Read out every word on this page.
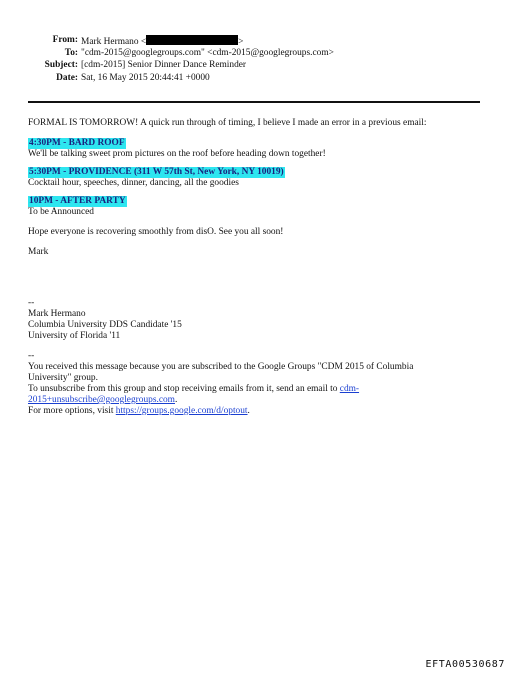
From: Mark Hermano <	>
To: "cdm-2015@googlegroups.com" <cdm-2015@googlegroups.com>
Subject: [cdm-2015] Senior Dinner Dance Reminder
Date: Sat, 16 May 2015 20:44:41 +0000

FORMAL IS TOMORROW! A quick run through of timing, I believe I made an error in a previous email:

4:30PM - BARD ROOF

We'll be talking sweet prom pictures on the roof before heading down together!

5:30PM - PROVIDENCE (311 W 57th St, New York, NY 10019)

Cocktail hour, speeches, dinner, dancing, all the goodies

10PM - AFTER PARTY

To be Announced

Hope everyone is recovering smoothly from disO. See you all soon!

Mark

--

Mark Hermano

Columbia University DDS Candidate '15

University of Florida '11

--

You received this message because you are subscribed to the Google Groups "CDM 2015 of Columbia

University" group.

To unsubscribe from this group and stop receiving emails from it, send an email to cdm-

2015+unsubscribe@googlegroups.com.

For more options, visit https://groups.google.com/d/optout.

EFTA00530687
